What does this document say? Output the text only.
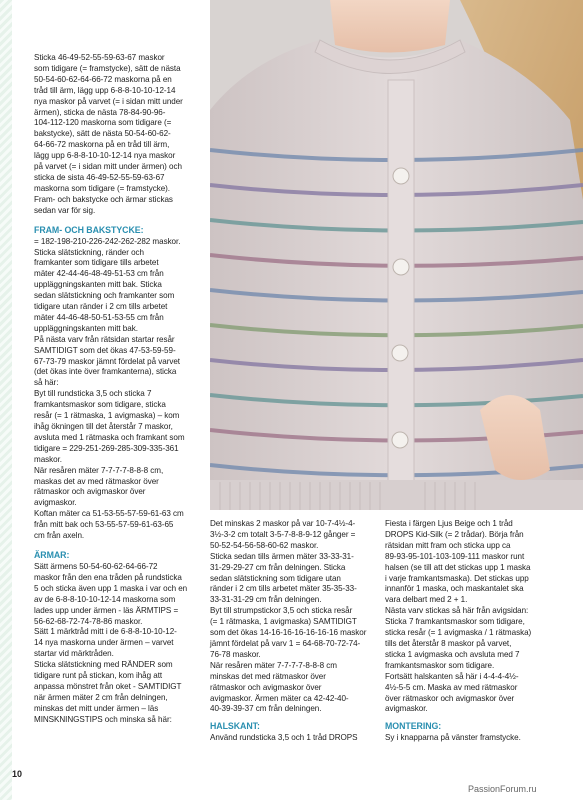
Sticka 46-49-52-55-59-63-67 maskor
som tidigare (= framstycke), sätt de nästa
50-54-60-62-64-66-72 maskorna på en
tråd till ärm, lägg upp 6-8-8-10-10-12-14
nya maskor på varvet (= i sidan mitt under
ärmen), sticka de nästa 78-84-90-96-
104-112-120 maskorna som tidigare (=
bakstycke), sätt de nästa 50-54-60-62-
64-66-72 maskorna på en tråd till ärm,
lägg upp 6-8-8-10-10-12-14 nya maskor
på varvet (= i sidan mitt under ärmen) och
sticka de sista 46-49-52-55-59-63-67
maskorna som tidigare (= framstycke).
Fram- och bakstycke och ärmar stickas
sedan var för sig.

FRAM- OCH BAKSTYCKE:

= 182-198-210-226-242-262-282 maskor.
Sticka slätstickning, ränder och
framkanter som tidigare tills arbetet
mäter 42-44-46-48-49-51-53 cm från
uppläggningskanten mitt bak. Sticka
sedan slätstickning och framkanter som
tidigare utan ränder i 2 cm tills arbetet
mäter 44-46-48-50-51-53-55 cm från
uppläggningskanten mitt bak.
På nästa varv från rätsidan startar resår
SAMTIDIGT som det ökas 47-53-59-59-
67-73-79 maskor jämnt fördelat på varvet
(det ökas inte över framkanterna), sticka
så här:
Byt till rundsticka 3,5 och sticka 7
framkantsmaskor som tidigare, sticka
resår (= 1 rätmaska, 1 avigmaska) – kom
ihåg ökningen till det återstår 7 maskor,
avsluta med 1 rätmaska och framkant som
tidigare = 229-251-269-285-309-335-361
maskor.
När resåren mäter 7-7-7-7-8-8-8 cm,
maskas det av med rätmaskor över
rätmaskor och avigmaskor över
avigmaskor.
Koftan mäter ca 51-53-55-57-59-61-63 cm
från mitt bak och 53-55-57-59-61-63-65
cm från axeln.

ÄRMAR:

Sätt ärmens 50-54-60-62-64-66-72
maskor från den ena tråden på rundsticka
5 och sticka även upp 1 maska i var och en
av de 6-8-8-10-10-12-14 maskorna som
lades upp under ärmen - läs ÄRMTIPS =
56-62-68-72-74-78-86 maskor.
Sätt 1 märktråd mitt i de 6-8-8-10-10-12-
14 nya maskorna under ärmen – varvet
startar vid märktråden.
Sticka slätstickning med RÄNDER som
tidigare runt på stickan, kom ihåg att
anpassa mönstret från oket - SAMTIDIGT
när ärmen mäter 2 cm från delningen,
minskas det mitt under ärmen – läs
MINSKNINGSTIPS och minska så här:

Det minskas 2 maskor på var 10-7-4½-4-
3½-3-2 cm totalt 3-5-7-8-8-9-12 gånger =
50-52-54-56-58-60-62 maskor.
Sticka sedan tills ärmen mäter 33-33-31-
31-29-29-27 cm från delningen. Sticka
sedan slätstickning som tidigare utan
ränder i 2 cm tills arbetet mäter 35-35-33-
33-31-31-29 cm från delningen.
Byt till strumpstickor 3,5 och sticka resår
(= 1 rätmaska, 1 avigmaska) SAMTIDIGT
som det ökas 14-16-16-16-16-16-16 maskor
jämnt fördelat på varv 1 = 64-68-70-72-74-
76-78 maskor.
När resåren mäter 7-7-7-7-8-8-8 cm
minskas det med rätmaskor över
rätmaskor och avigmaskor över
avigmaskor. Ärmen mäter ca 42-42-40-
40-39-39-37 cm från delningen.

HALSKANT:

Använd rundsticka 3,5 och 1 tråd DROPS

Fiesta i färgen Ljus Beige och 1 tråd
DROPS Kid-Silk (= 2 trådar). Börja från
rätsidan mitt fram och sticka upp ca
89-93-95-101-103-109-111 maskor runt
halsen (se till att det stickas upp 1 maska
i varje framkantsmaska). Det stickas upp
innanför 1 maska, och maskantalet ska
vara delbart med 2 + 1.
Nästa varv stickas så här från avigsidan:
Sticka 7 framkantsmaskor som tidigare,
sticka resår (= 1 avigmaska / 1 rätmaska)
tills det återstår 8 maskor på varvet,
sticka 1 avigmaska och avsluta med 7
framkantsmaskor som tidigare.
Fortsätt halskanten så här i 4-4-4-4½-
4½-5-5 cm. Maska av med rätmaskor
över rätmaskor och avigmaskor över
avigmaskor.

MONTERING:

Sy i knapparna på vänster framstycke.

10
PassionForum.ru
